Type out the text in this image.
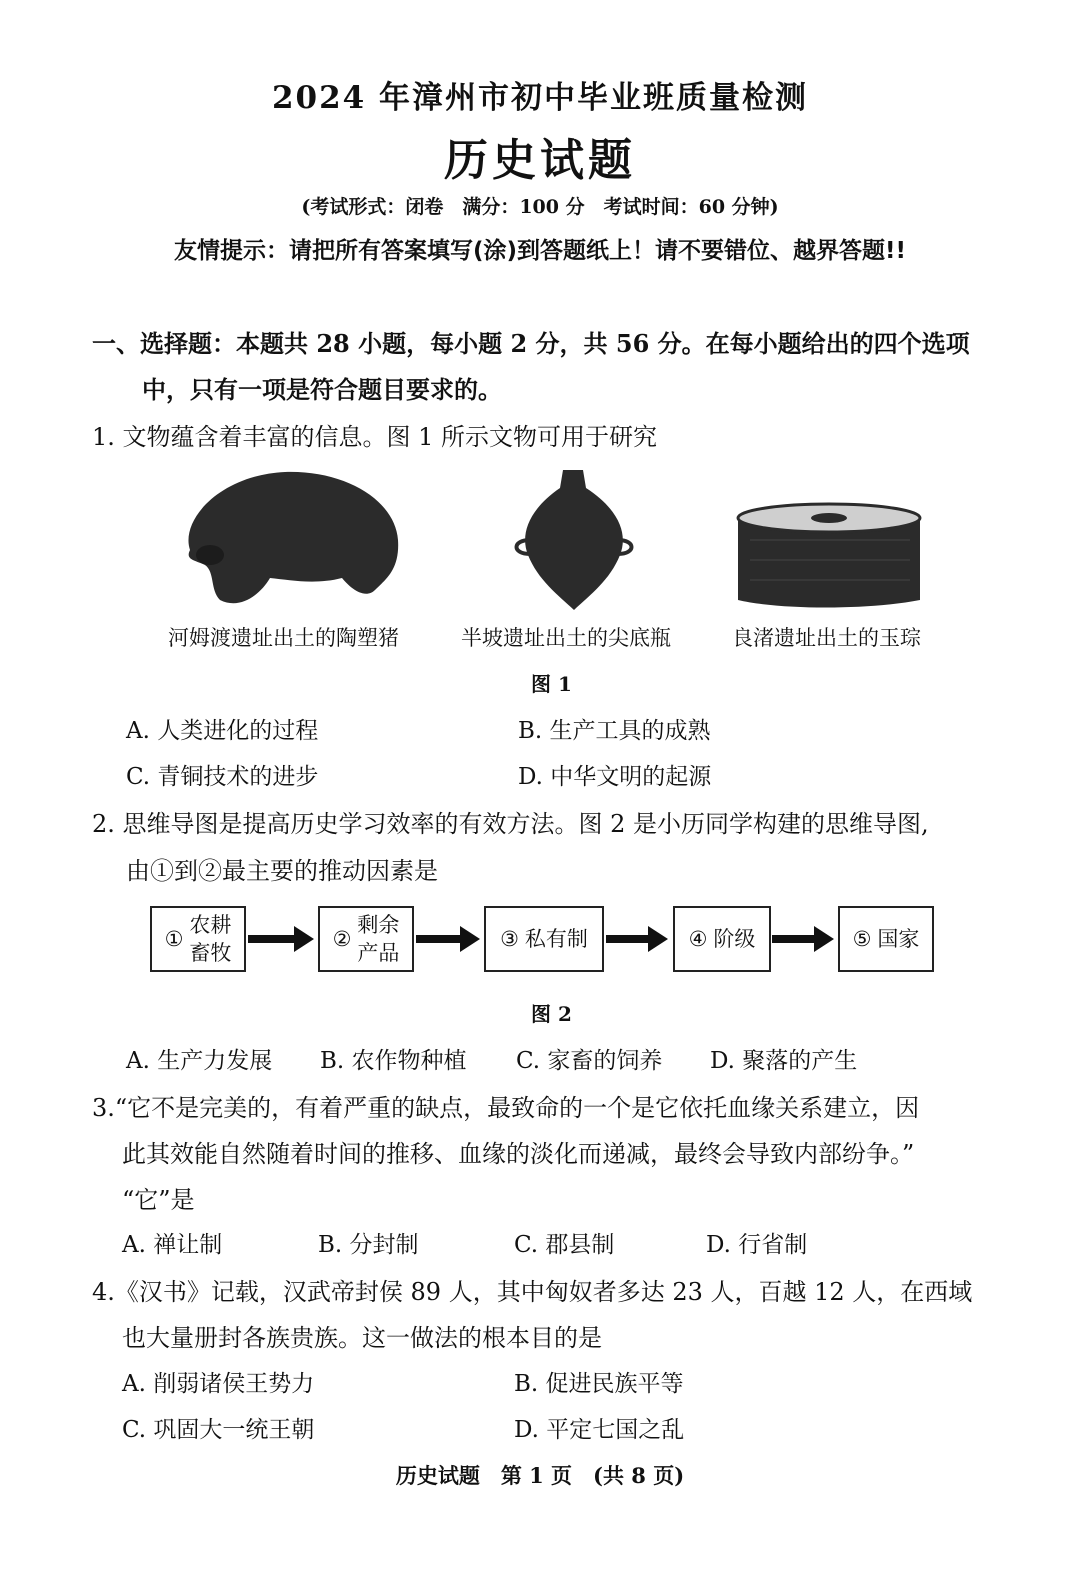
2024 年漳州市初中毕业班质量检测
历史试题
(考试形式：闭卷　满分：100 分　考试时间：60 分钟)
友情提示：请把所有答案填写(涂)到答题纸上！请不要错位、越界答题!!
一、选择题：本题共 28 小题，每小题 2 分，共 56 分。在每小题给出的四个选项
中，只有一项是符合题目要求的。
1. 文物蕴含着丰富的信息。图 1 所示文物可用于研究
河姆渡遗址出土的陶塑猪	半坡遗址出土的尖底瓶	良渚遗址出土的玉琮
图 1
A. 人类进化的过程	B. 生产工具的成熟
C. 青铜技术的进步	D. 中华文明的起源
2. 思维导图是提高历史学习效率的有效方法。图 2 是小历同学构建的思维导图,
由①到②最主要的推动因素是
①
农耕
畜牧
②
剩余
产品
③ 私有制	④ 阶级	⑤ 国家
图 2
A. 生产力发展 B. 农作物种植 C. 家畜的饲养 D. 聚落的产生
3.“它不是完美的，有着严重的缺点，最致命的一个是它依托血缘关系建立，因
此其效能自然随着时间的推移、血缘的淡化而递减，最终会导致内部纷争。”
“它”是
A. 禅让制	B. 分封制	C. 郡县制	D. 行省制
4.《汉书》记载，汉武帝封侯 89 人，其中匈奴者多达 23 人，百越 12 人，在西域
也大量册封各族贵族。这一做法的根本目的是
A. 削弱诸侯王势力	B. 促进民族平等
C. 巩固大一统王朝	D. 平定七国之乱
历史试题　第 1 页　(共 8 页)
